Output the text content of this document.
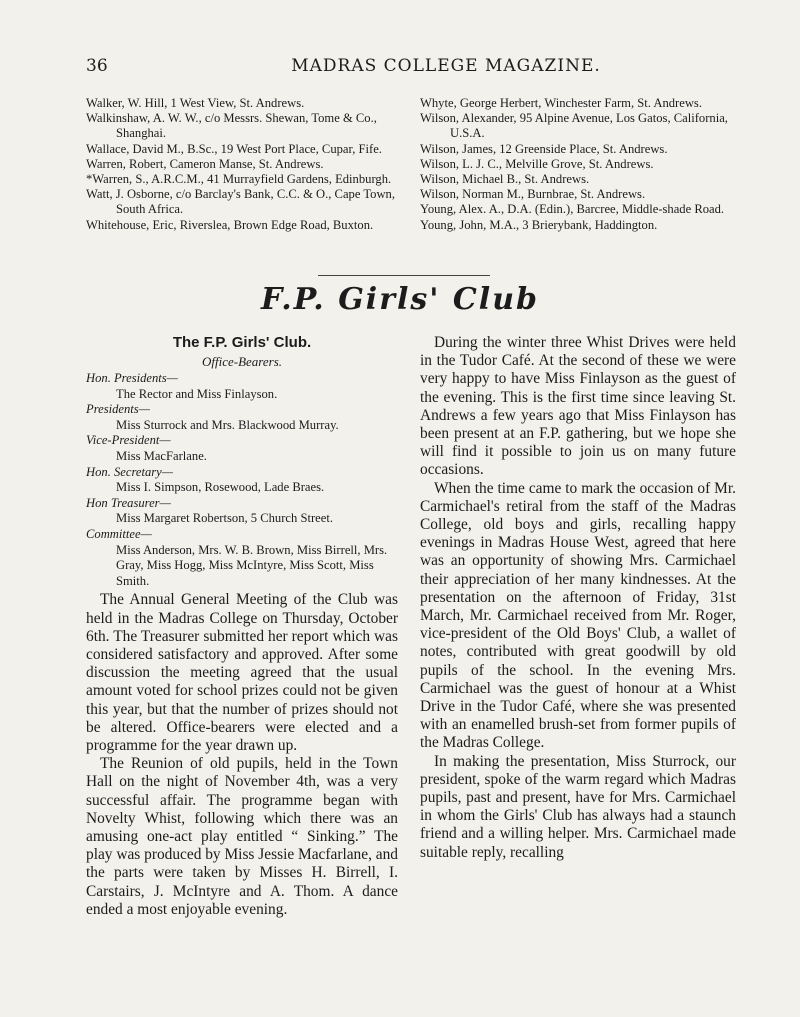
36	MADRAS COLLEGE MAGAZINE.

Walker, W. Hill, 1 West View, St. Andrews.

Walkinshaw, A. W. W., c/o Messrs. Shewan, Tome & Co., Shanghai.

Wallace, David M., B.Sc., 19 West Port Place, Cupar, Fife.

Warren, Robert, Cameron Manse, St. Andrews.

*Warren, S., A.R.C.M., 41 Murrayfield Gardens, Edinburgh.

Watt, J. Osborne, c/o Barclay's Bank, C.C. & O., Cape Town, South Africa.

Whitehouse, Eric, Riverslea, Brown Edge Road, Buxton.

Whyte, George Herbert, Winchester Farm, St. Andrews.

Wilson, Alexander, 95 Alpine Avenue, Los Gatos, California, U.S.A.

Wilson, James, 12 Greenside Place, St. Andrews.

Wilson, L. J. C., Melville Grove, St. Andrews.

Wilson, Michael B., St. Andrews.

Wilson, Norman M., Burnbrae, St. Andrews.

Young, Alex. A., D.A. (Edin.), Barcree, Middle-shade Road.

Young, John, M.A., 3 Brierybank, Haddington.

F.P. Girls' Club
The F.P. Girls' Club.
Office-Bearers.
Hon. Presidents—
The Rector and Miss Finlayson.
Presidents—
Miss Sturrock and Mrs. Blackwood Murray.
Vice-President—
Miss MacFarlane.
Hon. Secretary—
Miss I. Simpson, Rosewood, Lade Braes.
Hon Treasurer—
Miss Margaret Robertson, 5 Church Street.
Committee—
Miss Anderson, Mrs. W. B. Brown, Miss Birrell, Mrs. Gray, Miss Hogg, Miss McIntyre, Miss Scott, Miss Smith.

The Annual General Meeting of the Club was held in the Madras College on Thursday, October 6th. The Treasurer submitted her report which was considered satisfactory and approved. After some discussion the meeting agreed that the usual amount voted for school prizes could not be given this year, but that the number of prizes should not be altered. Office-bearers were elected and a programme for the year drawn up.

The Reunion of old pupils, held in the Town Hall on the night of November 4th, was a very successful affair. The programme began with Novelty Whist, following which there was an amusing one-act play entitled “ Sinking.” The play was produced by Miss Jessie Macfarlane, and the parts were taken by Misses H. Birrell, I. Carstairs, J. McIntyre and A. Thom. A dance ended a most enjoyable evening.

During the winter three Whist Drives were held in the Tudor Café. At the second of these we were very happy to have Miss Finlayson as the guest of the evening. This is the first time since leaving St. Andrews a few years ago that Miss Finlayson has been present at an F.P. gathering, but we hope she will find it possible to join us on many future occasions.

When the time came to mark the occasion of Mr. Carmichael's retiral from the staff of the Madras College, old boys and girls, recalling happy evenings in Madras House West, agreed that here was an opportunity of showing Mrs. Carmichael their appreciation of her many kindnesses. At the presentation on the afternoon of Friday, 31st March, Mr. Carmichael received from Mr. Roger, vice-president of the Old Boys' Club, a wallet of notes, contributed with great goodwill by old pupils of the school. In the evening Mrs. Carmichael was the guest of honour at a Whist Drive in the Tudor Café, where she was presented with an enamelled brush-set from former pupils of the Madras College.

In making the presentation, Miss Sturrock, our president, spoke of the warm regard which Madras pupils, past and present, have for Mrs. Carmichael in whom the Girls' Club has always had a staunch friend and a willing helper. Mrs. Carmichael made suitable reply, recalling
